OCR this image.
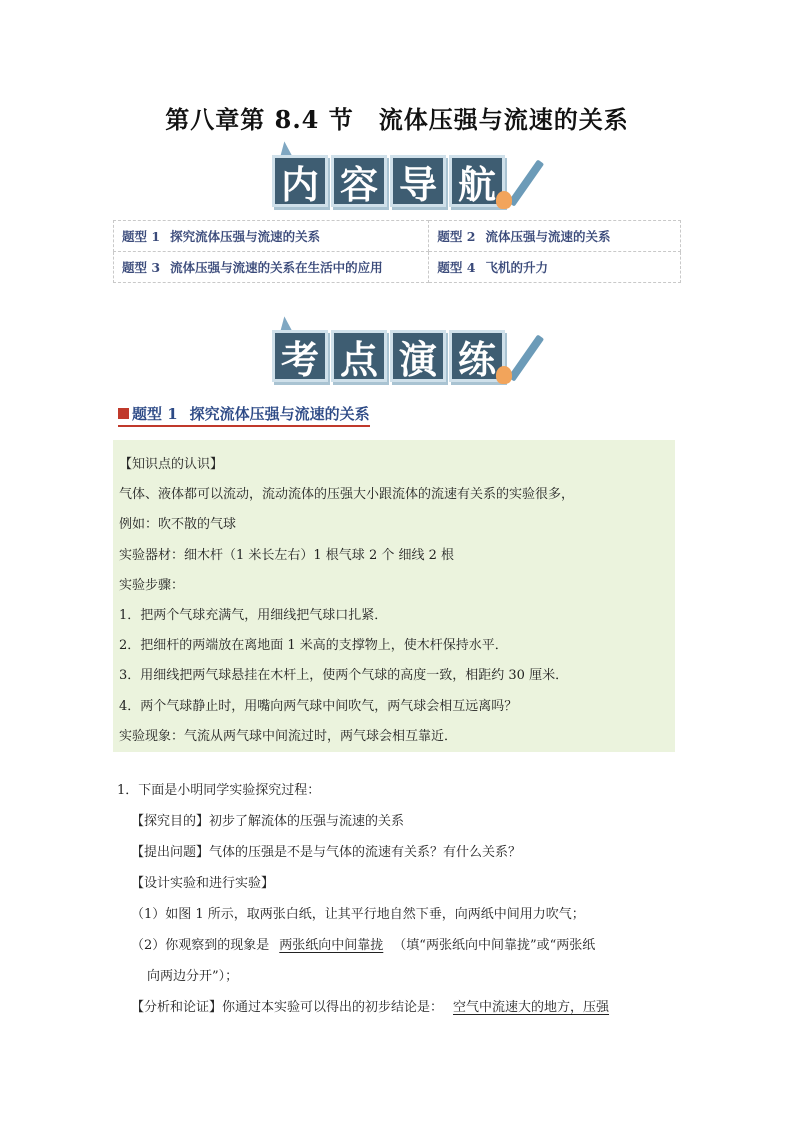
第八章第 8.4 节　流体压强与流速的关系
内 容 导 航
题型 1 探究流体压强与流速的关系	题型 2 流体压强与流速的关系
题型 3 流体压强与流速的关系在生活中的应用	题型 4 飞机的升力
考 点 演 练
题型 1 探究流体压强与流速的关系

【知识点的认识】

气体、液体都可以流动，流动流体的压强大小跟流体的流速有关系的实验很多，

例如：吹不散的气球

实验器材：细木杆（1 米长左右）1 根气球 2 个 细线 2 根

实验步骤：

1．把两个气球充满气，用细线把气球口扎紧．

2．把细杆的两端放在离地面 1 米高的支撑物上，使木杆保持水平．

3．用细线把两气球悬挂在木杆上，使两个气球的高度一致，相距约 30 厘米．

4．两个气球静止时，用嘴向两气球中间吹气，两气球会相互远离吗？

实验现象：气流从两气球中间流过时，两气球会相互靠近．

1．下面是小明同学实验探究过程：

【探究目的】初步了解流体的压强与流速的关系

【提出问题】气体的压强是不是与气体的流速有关系？有什么关系？

【设计实验和进行实验】

（1）如图 1 所示，取两张白纸，让其平行地自然下垂，向两纸中间用力吹气；

（2）你观察到的现象是 两张纸向中间靠拢 （填“两张纸向中间靠拢”或“两张纸

向两边分开”）；

【分析和论证】你通过本实验可以得出的初步结论是： 空气中流速大的地方，压强
